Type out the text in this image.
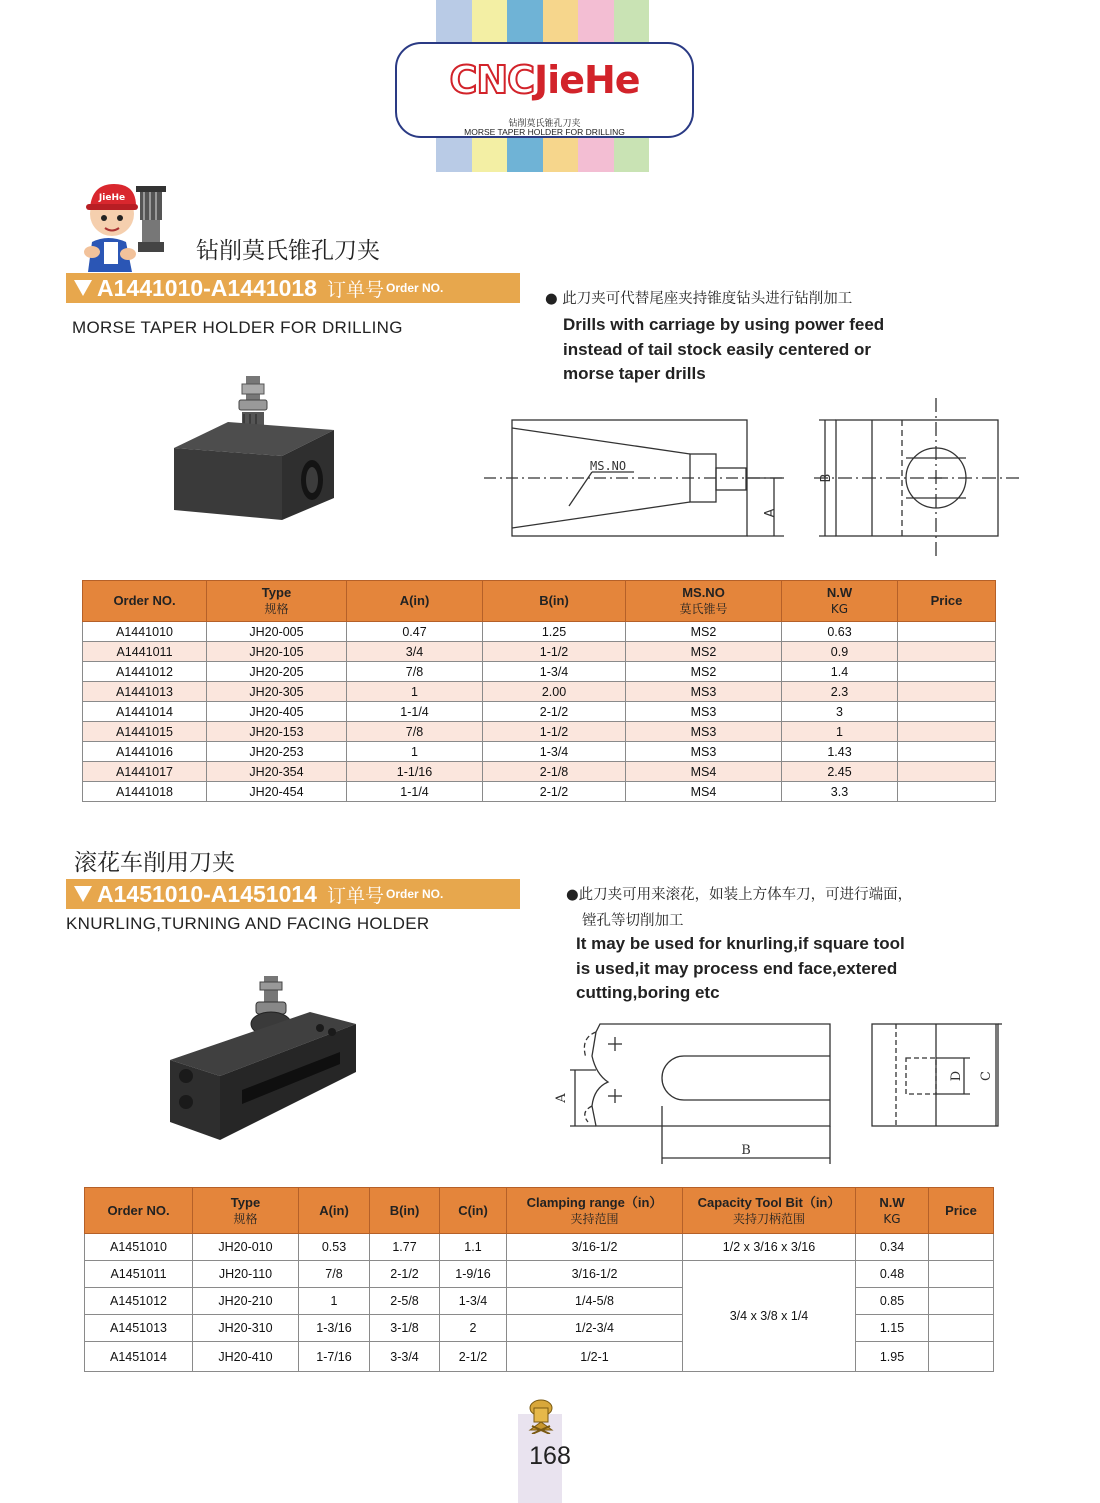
CNCJieHe
钻削莫氏锥孔刀夹
MORSE TAPER HOLDER FOR DRILLING
JieHe
钻削莫氏锥孔刀夹
A1441010-A1441018 订单号 Order NO.
MORSE TAPER HOLDER FOR DRILLING
● 此刀夹可代替尾座夹持锥度钻头进行钻削加工
Drills with carriage by using power feed
instead of tail stock easily centered or
morse taper drills
MS.NO
A
B
Order NO.	Type
规格	A(in)	B(in)	MS.NO
莫氏锥号	N.W
KG	Price
A1441010	JH20-005	0.47	1.25	MS2	0.63	
A1441011	JH20-105	3/4	1-1/2	MS2	0.9	
A1441012	JH20-205	7/8	1-3/4	MS2	1.4	
A1441013	JH20-305	1	2.00	MS3	2.3	
A1441014	JH20-405	1-1/4	2-1/2	MS3	3	
A1441015	JH20-153	7/8	1-1/2	MS3	1	
A1441016	JH20-253	1	1-3/4	MS3	1.43	
A1441017	JH20-354	1-1/16	2-1/8	MS4	2.45	
A1441018	JH20-454	1-1/4	2-1/2	MS4	3.3	
滚花车削用刀夹
A1451010-A1451014 订单号 Order NO.
KNURLING,TURNING AND FACING HOLDER
●此刀夹可用来滚花，如装上方体车刀，可进行端面，
镗孔等切削加工
It may be used for knurling,if square tool
is used,it may process end face,extered
cutting,boring etc
A
B
C
D
Order NO.	Type
规格	A(in)	B(in)	C(in)	Clamping range（in）
夹持范围	Capacity Tool Bit（in）
夹持刀柄范围	N.W
KG	Price
A1451010	JH20-010	0.53	1.77	1.1	3/16-1/2	1/2 x 3/16 x 3/16	0.34	
A1451011	JH20-110	7/8	2-1/2	1-9/16	3/16-1/2	3/4 x 3/8 x 1/4	0.48	
A1451012	JH20-210	1	2-5/8	1-3/4	1/4-5/8		0.85	
A1451013	JH20-310	1-3/16	3-1/8	2	1/2-3/4		1.15	
A1451014	JH20-410	1-7/16	3-3/4	2-1/2	1/2-1		1.95	
168
